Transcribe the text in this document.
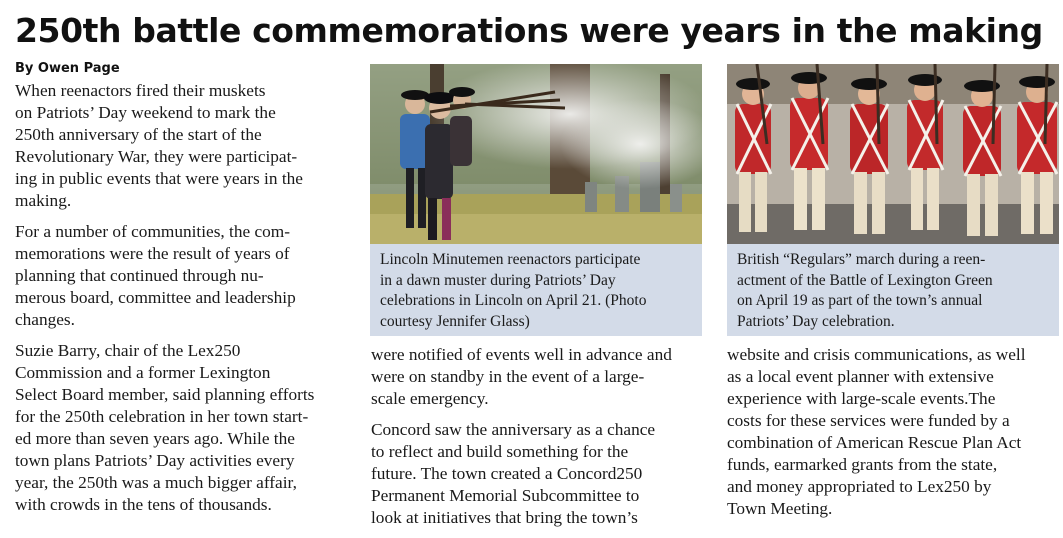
250th battle commemorations were years in the making
By Owen Page

When reenactors fired their muskets
on Patriots’ Day weekend to mark the
250th anniversary of the start of the
Revolutionary War, they were participat-
ing in public events that were years in the
making.

For a number of communities, the com-
memorations were the result of years of
planning that continued through nu-
merous board, committee and leadership
changes.

Suzie Barry, chair of the Lex250
Commission and a former Lexington
Select Board member, said planning efforts
for the 250th celebration in her town start-
ed more than seven years ago. While the
town plans Patriots’ Day activities every
year, the 250th was a much bigger affair,
with crowds in the tens of thousands.

Lincoln Minutemen reenactors participate
in a dawn muster during Patriots’ Day
celebrations in Lincoln on April 21. (Photo
courtesy Jennifer Glass)

were notified of events well in advance and
were on standby in the event of a large-
scale emergency.

Concord saw the anniversary as a chance
to reflect and build something for the
future. The town created a Concord250
Permanent Memorial Subcommittee to
look at initiatives that bring the town’s

British “Regulars” march during a reen-
actment of the Battle of Lexington Green
on April 19 as part of the town’s annual
Patriots’ Day celebration.

website and crisis communications, as well
as a local event planner with extensive
experience with large-scale events.The
costs for these services were funded by a
combination of American Rescue Plan Act
funds, earmarked grants from the state,
and money appropriated to Lex250 by
Town Meeting.
